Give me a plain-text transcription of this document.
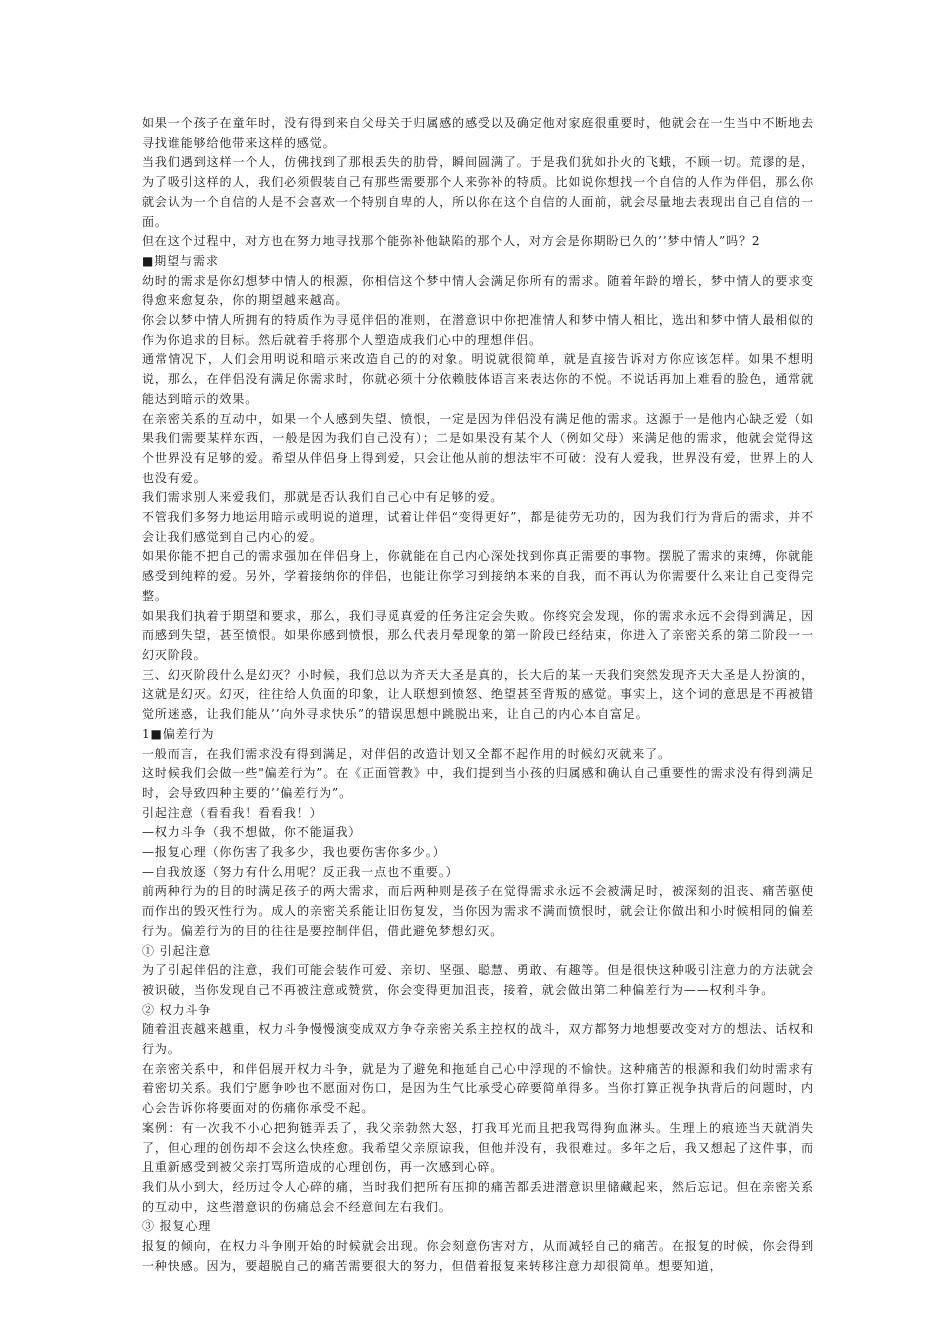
如果一个孩子在童年时，没有得到来自父母关于归属感的感受以及确定他对家庭很重要时，他就会在一生当中不断地去寻找谁能够给他带来这样的感觉。

当我们遇到这样一个人，仿佛找到了那根丢失的肋骨，瞬间圆满了。于是我们犹如扑火的飞蛾，不顾一切。荒谬的是，为了吸引这样的人，我们必须假装自己有那些需要那个人来弥补的特质。比如说你想找一个自信的人作为伴侣，那么你就会认为一个自信的人是不会喜欢一个特别自卑的人，所以你在这个自信的人面前，就会尽量地去表现出自己自信的一面。

但在这个过程中，对方也在努力地寻找那个能弥补他缺陷的那个人，对方会是你期盼已久的’’梦中情人”吗？2

■期望与需求

幼时的需求是你幻想梦中情人的根源，你相信这个梦中情人会满足你所有的需求。随着年龄的增长，梦中情人的要求变得愈来愈复杂，你的期望越来越高。

你会以梦中情人所拥有的特质作为寻觅伴侣的准则，在潜意识中你把准情人和梦中情人相比，选出和梦中情人最相似的作为你追求的目标。然后就着手将那个人塑造成我们心中的理想伴侣。

通常情况下，人们会用明说和暗示来改造自己的的对象。明说就很简单，就是直接告诉对方你应该怎样。如果不想明说，那么，在伴侣没有满足你需求时，你就必须十分依赖肢体语言来表达你的不悦。不说话再加上难看的脸色，通常就能达到暗示的效果。

在亲密关系的互动中，如果一个人感到失望、愤恨，一定是因为伴侣没有满足他的需求。这源于一是他内心缺乏爱（如果我们需要某样东西，一般是因为我们自己没有）；二是如果没有某个人（例如父母）来满足他的需求，他就会觉得这个世界没有足够的爱。希望从伴侣身上得到爱，只会让他从前的想法牢不可破：没有人爱我，世界没有爱，世界上的人也没有爱。

我们需求别人来爱我们，那就是否认我们自己心中有足够的爱。

不管我们多努力地运用暗示或明说的道理，试着让伴侣“变得更好”，都是徒劳无功的，因为我们行为背后的需求，并不会让我们感觉到自己内心的爱。

如果你能不把自己的需求强加在伴侣身上，你就能在自己内心深处找到你真正需要的事物。摆脱了需求的束缚，你就能感受到纯粹的爱。另外，学着接纳你的伴侣，也能让你学习到接纳本来的自我，而不再认为你需要什么来让自己变得完整。

如果我们执着于期望和要求，那么，我们寻觅真爱的任务注定会失败。你终究会发现，你的需求永远不会得到满足，因而感到失望，甚至愤恨。如果你感到愤恨，那么代表月晕现象的第一阶段已经结束，你进入了亲密关系的第二阶段一一幻灭阶段。

三、幻灭阶段什么是幻灭？小时候，我们总以为齐天大圣是真的，长大后的某一天我们突然发现齐天大圣是人扮演的，这就是幻灭。幻灭，往往给人负面的印象，让人联想到愤怒、绝望甚至背叛的感觉。事实上，这个词的意思是不再被错觉所迷惑，让我们能从’’向外寻求快乐”的错误思想中跳脱出来，让自己的内心本自富足。

1■偏差行为

一般而言，在我们需求没有得到满足，对伴侣的改造计划又全都不起作用的时候幻灭就来了。

这时候我们会做一些"偏差行为”。在《正面管教》中，我们提到当小孩的归属感和确认自己重要性的需求没有得到满足时，会导致四种主要的’’偏差行为”。

引起注意（看看我！看看我！）

—权力斗争（我不想做，你不能逼我）

—报复心理（你伤害了我多少，我也要伤害你多少。）

—自我放逐（努力有什么用呢？反正我一点也不重要。）

前两种行为的目的时满足孩子的两大需求，而后两种则是孩子在觉得需求永远不会被满足时，被深刻的沮丧、痛苦驱使而作出的毁灭性行为。成人的亲密关系能让旧伤复发，当你因为需求不满而愤恨时，就会让你做出和小时候相同的偏差行为。偏差行为的目的往往是要控制伴侣，借此避免梦想幻灭。

① 引起注意

为了引起伴侣的注意，我们可能会装作可爱、亲切、坚强、聪慧、勇敢、有趣等。但是很快这种吸引注意力的方法就会被识破，当你发现自己不再被注意或赞赏，你会变得更加沮丧，接着，就会做出第二种偏差行为——权利斗争。

② 权力斗争

随着沮丧越来越重，权力斗争慢慢演变成双方争夺亲密关系主控权的战斗，双方都努力地想要改变对方的想法、话权和行为。

在亲密关系中，和伴侣展开权力斗争，就是为了避免和拖延自己心中浮现的不愉快。这种痛苦的根源和我们幼时需求有着密切关系。我们宁愿争吵也不愿面对伤口，是因为生气比承受心碎要简单得多。当你打算正视争执背后的问题时，内心会告诉你将要面对的伤痛你承受不起。

案例：有一次我不小心把狗链弄丢了，我父亲勃然大怒，打我耳光而且把我骂得狗血淋头。生理上的痕迹当天就消失了，但心理的创伤却不会这么快痊愈。我希望父亲原谅我，但他并没有，我很难过。多年之后，我又想起了这件事，而且重新感受到被父亲打骂所造成的心理创伤，再一次感到心碎。

我们从小到大，经历过令人心碎的痛，当时我们把所有压抑的痛苦都丢进潜意识里储藏起来，然后忘记。但在亲密关系的互动中，这些潜意识的伤痛总会不经意间左右我们。

③ 报复心理

报复的倾向，在权力斗争刚开始的时候就会出现。你会刻意伤害对方，从而减轻自己的痛苦。在报复的时候，你会得到一种快感。因为，要超脱自己的痛苦需要很大的努力，但借着报复来转移注意力却很简单。想要知道，
